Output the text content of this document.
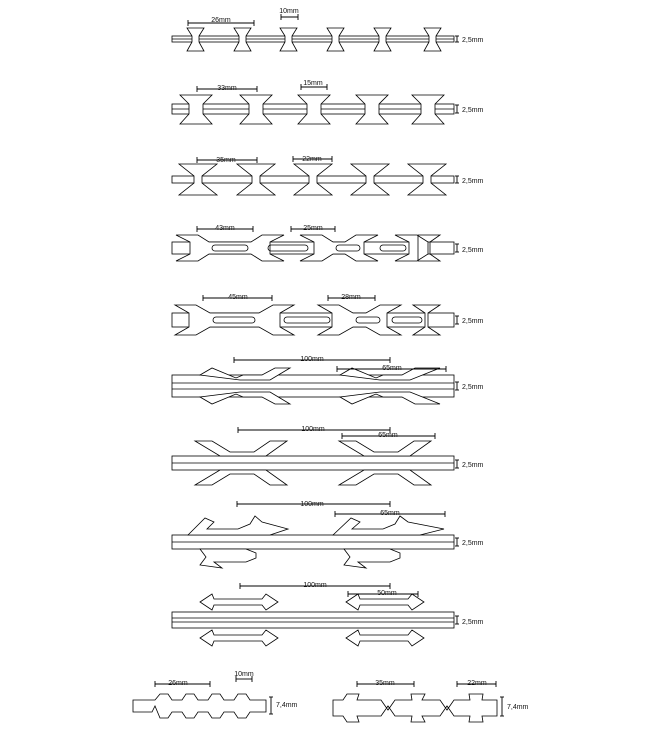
26mm
10mm
2,5mm
33mm
15mm
2,5mm
35mm	22mm
2,5mm
43mm	25mm
2,5mm
45mm	28mm
2,5mm
100mm
65mm
2,5mm
100mm
65mm
2,5mm
100mm
65mm
2,5mm
100mm
50mm
2,5mm
26mm
10mm
7,4mm
35mm	22mm
7,4mm
